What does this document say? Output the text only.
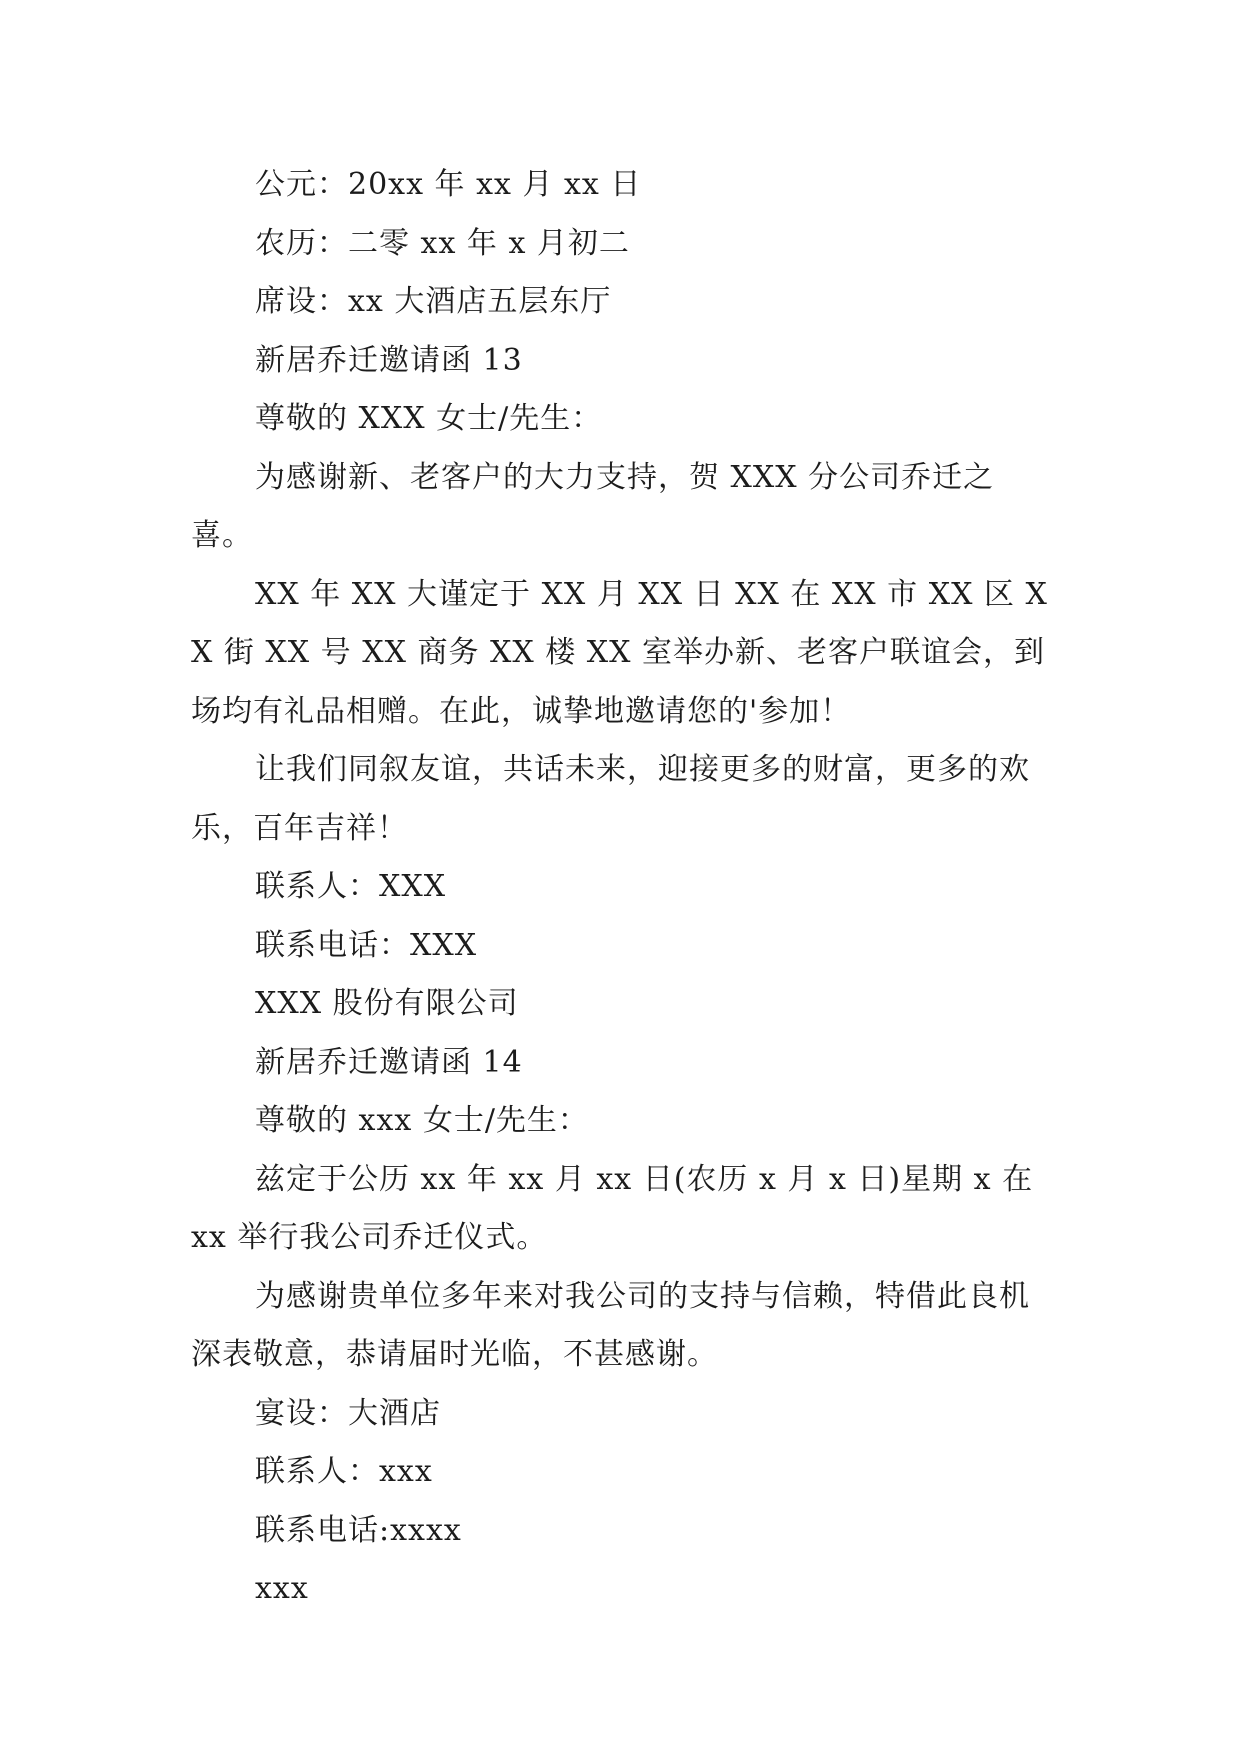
公元：20xx 年 xx 月 xx 日

农历：二零 xx 年 x 月初二

席设：xx 大酒店五层东厅

新居乔迁邀请函 13

尊敬的 XXX 女士/先生：

为感谢新、老客户的大力支持，贺 XXX 分公司乔迁之喜。

XX 年 XX 大谨定于 XX 月 XX 日 XX 在 XX 市 XX 区 XX 街 XX 号 XX 商务 XX 楼 XX 室举办新、老客户联谊会，到场均有礼品相赠。在此，诚挚地邀请您的'参加！

让我们同叙友谊，共话未来，迎接更多的财富，更多的欢乐，百年吉祥！

联系人：XXX

联系电话：XXX

XXX 股份有限公司

新居乔迁邀请函 14

尊敬的 xxx 女士/先生：

兹定于公历 xx 年 xx 月 xx 日(农历 x 月 x 日)星期 x 在 xx 举行我公司乔迁仪式。

为感谢贵单位多年来对我公司的支持与信赖，特借此良机深表敬意，恭请届时光临，不甚感谢。

宴设：大酒店

联系人：xxx

联系电话:xxxx

xxx
